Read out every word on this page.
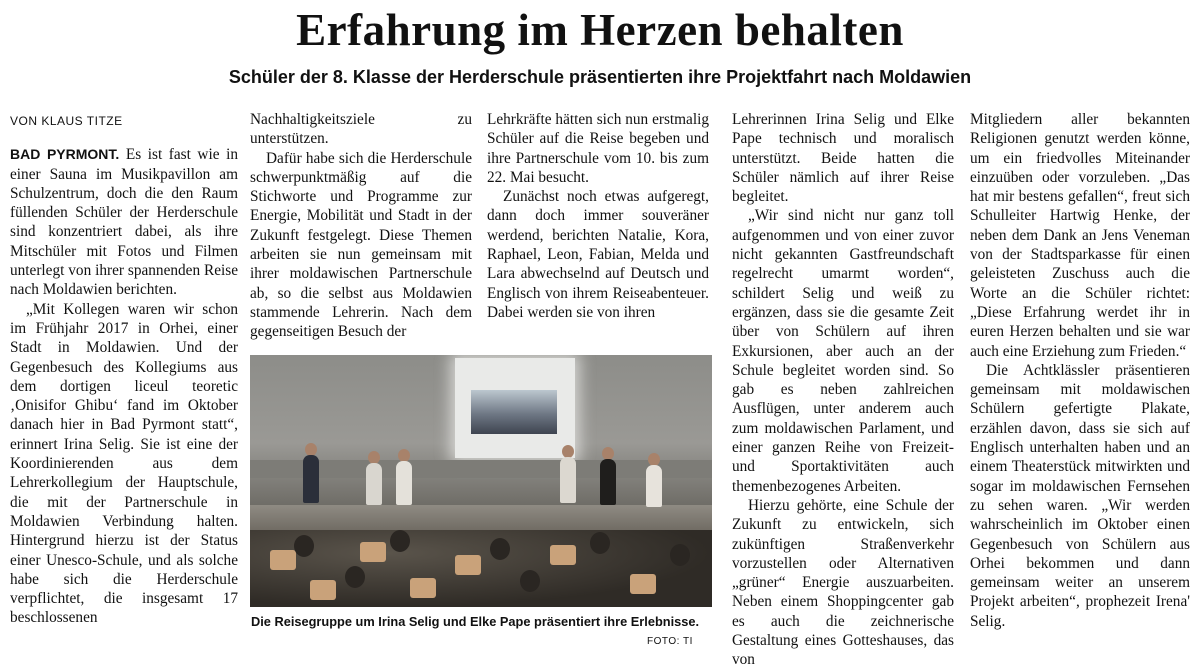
Erfahrung im Herzen behalten
Schüler der 8. Klasse der Herderschule präsentierten ihre Projektfahrt nach Moldawien

VON KLAUS TITZE

BAD PYRMONT. Es ist fast wie in einer Sauna im Musikpavillon am Schulzentrum, doch die den Raum füllenden Schüler der Herderschule sind konzentriert dabei, als ihre Mitschüler mit Fotos und Filmen unterlegt von ihrer spannenden Reise nach Moldawien berichten.

„Mit Kollegen waren wir schon im Frühjahr 2017 in Orhei, einer Stadt in Moldawien. Und der Gegenbesuch des Kollegiums aus dem dortigen liceul teoretic ‚Onisifor Ghibu‘ fand im Oktober danach hier in Bad Pyrmont statt“, erinnert Irina Selig. Sie ist eine der Koordinierenden aus dem Lehrerkollegium der Hauptschule, die mit der Partnerschule in Moldawien Verbindung halten. Hintergrund hierzu ist der Status einer Unesco-Schule, und als solche habe sich die Herderschule verpflichtet, die insgesamt 17 beschlossenen

Nachhaltigkeitsziele zu unterstützen.

Dafür habe sich die Herderschule schwerpunktmäßig auf die Stichworte und Programme zur Energie, Mobilität und Stadt in der Zukunft festgelegt. Diese Themen arbeiten sie nun gemeinsam mit ihrer moldawischen Partnerschule ab, so die selbst aus Moldawien stammende Lehrerin. Nach dem gegenseitigen Besuch der

Lehrkräfte hätten sich nun erstmalig Schüler auf die Reise begeben und ihre Partnerschule vom 10. bis zum 22. Mai besucht.

Zunächst noch etwas aufgeregt, dann doch immer souveräner werdend, berichten Natalie, Kora, Raphael, Leon, Fabian, Melda und Lara abwechselnd auf Deutsch und Englisch von ihrem Reiseabenteuer. Dabei werden sie von ihren

Lehrerinnen Irina Selig und Elke Pape technisch und moralisch unterstützt. Beide hatten die Schüler nämlich auf ihrer Reise begleitet.

„Wir sind nicht nur ganz toll aufgenommen und von einer zuvor nicht gekannten Gastfreundschaft regelrecht umarmt worden“, schildert Selig und weiß zu ergänzen, dass sie die gesamte Zeit über von Schülern auf ihren Exkursionen, aber auch an der Schule begleitet worden sind. So gab es neben zahlreichen Ausflügen, unter anderem auch zum moldawischen Parlament, und einer ganzen Reihe von Freizeit- und Sportaktivitäten auch themenbezogenes Arbeiten.

Hierzu gehörte, eine Schule der Zukunft zu entwickeln, sich zukünftigen Straßenverkehr vorzustellen oder Alternativen „grüner“ Energie auszuarbeiten. Neben einem Shoppingcenter gab es auch die zeichnerische Gestaltung eines Gotteshauses, das von

Mitgliedern aller bekannten Religionen genutzt werden könne, um ein friedvolles Miteinander einzuüben oder vorzuleben. „Das hat mir bestens gefallen“, freut sich Schulleiter Hartwig Henke, der neben dem Dank an Jens Veneman von der Stadtsparkasse für einen geleisteten Zuschuss auch die Worte an die Schüler richtet: „Diese Erfahrung werdet ihr in euren Herzen behalten und sie war auch eine Erziehung zum Frieden.“

Die Achtklässler präsentieren gemeinsam mit moldawischen Schülern gefertigte Plakate, erzählen davon, dass sie sich auf Englisch unterhalten haben und an einem Theaterstück mitwirkten und sogar im moldawischen Fernsehen zu sehen waren. „Wir werden wahrscheinlich im Oktober einen Gegenbesuch von Schülern aus Orhei bekommen und dann gemeinsam weiter an unserem Projekt arbeiten“, prophezeit Irena' Selig.

Die Reisegruppe um Irina Selig und Elke Pape präsentiert ihre Erlebnisse.
FOTO: TI
